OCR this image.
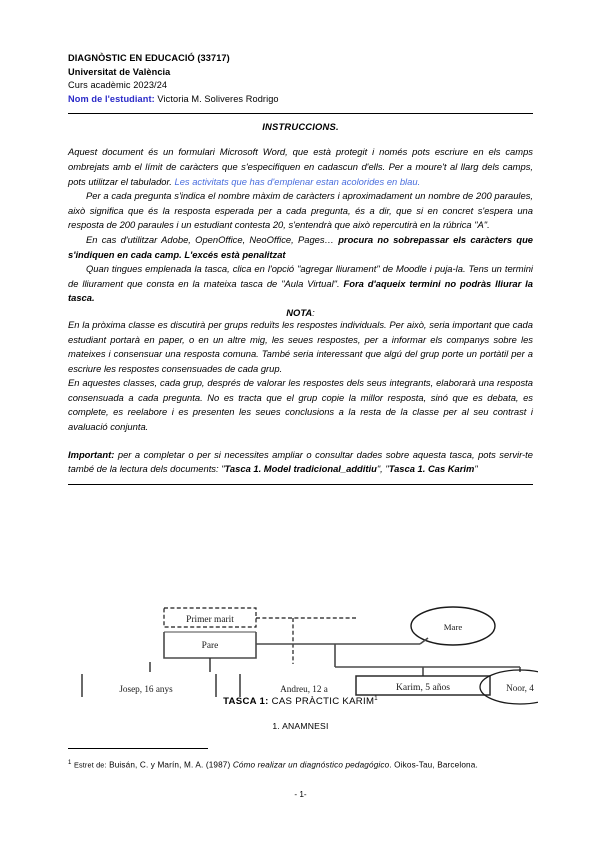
DIAGNÒSTIC EN EDUCACIÓ (33717)
Universitat de València
Curs acadèmic 2023/24
Nom de l'estudiant: Victoria M. Soliveres Rodrigo
INSTRUCCIONS.

Aquest document és un formulari Microsoft Word, que està protegit i només pots escriure en els camps ombrejats amb el límit de caràcters que s'especifiquen en cadascun d'ells. Per a moure't al llarg dels camps, pots utilitzar el tabulador. Les activitats que has d'emplenar estan acolorides en blau.

Per a cada pregunta s'indica el nombre màxim de caràcters i aproximadament un nombre de 200 paraules, això significa que és la resposta esperada per a cada pregunta, és a dir, que si en concret s'espera una resposta de 200 paraules i un estudiant contesta 20, s'entendrà que això repercutirà en la rúbrica "A".

En cas d'utilitzar Adobe, OpenOffice, NeoOffice, Pages… procura no sobrepassar els caràcters que s'indiquen en cada camp. L'excés està penalitzat

Quan tingues emplenada la tasca, clica en l'opció "agregar lliurament" de Moodle i puja-la. Tens un termini de lliurament que consta en la mateixa tasca de "Aula Virtual". Fora d'aqueix termini no podràs lliurar la tasca.

NOTA:

En la pròxima classe es discutirà per grups reduïts les respostes individuals. Per això, seria important que cada estudiant portarà en paper, o en un altre mig, les seues respostes, per a informar els companys sobre les mateixes i consensuar una resposta comuna. També seria interessant que algú del grup porte un portàtil per a escriure les respostes consensuades de cada grup.

En aquestes classes, cada grup, després de valorar les respostes dels seus integrants, elaborarà una resposta consensuada a cada pregunta. No es tracta que el grup copie la millor resposta, sinó que es debata, es complete, es reelabore i es presenten les seues conclusions a la resta de la classe per al seu contrast i avaluació conjunta.

Important: per a completar o per si necessites ampliar o consultar dades sobre aquesta tasca, pots servir-te també de la lectura dels documents: "Tasca 1. Model tradicional_additiu", "Tasca 1. Cas Karim"

Primer marit
Pare
Mare
Josep, 16 anys	Andreu, 12 a	Karim, 5 años	Noor, 4
TASCA 1: CAS PRÀCTIC KARIM$^1$
1. ANAMNESI
$^1$ Estret de: Buisán, C. y Marín, M. A. (1987) Cómo realizar un diagnóstico pedagógico. Oikos-Tau, Barcelona.
- 1-
